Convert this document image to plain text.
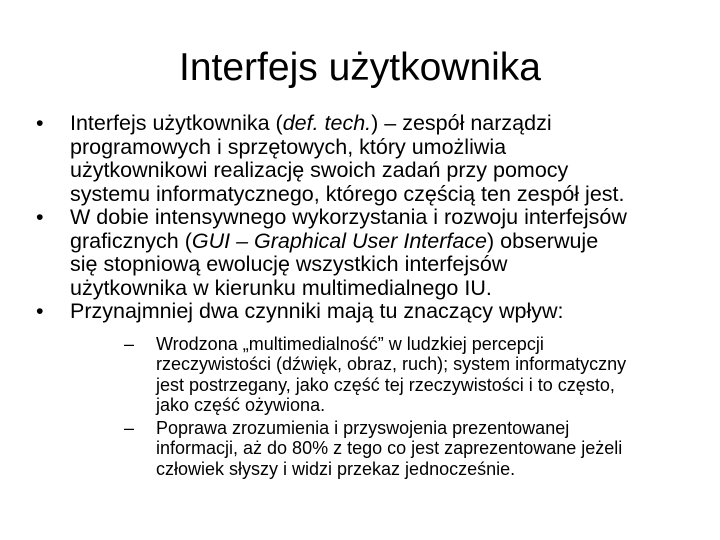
Interfejs użytkownika
• Interfejs użytkownika (def. tech.) – zespół narządzi
programowych i sprzętowych, który umożliwia
użytkownikowi realizację swoich zadań przy pomocy
systemu informatycznego, którego częścią ten zespół jest.
• W dobie intensywnego wykorzystania i rozwoju interfejsów
graficznych (GUI – Graphical User Interface) obserwuje
się stopniową ewolucję wszystkich interfejsów
użytkownika w kierunku multimedialnego IU.
• Przynajmniej dwa czynniki mają tu znaczący wpływ:
– Wrodzona „multimedialność” w ludzkiej percepcji
rzeczywistości (dźwięk, obraz, ruch); system informatyczny
jest postrzegany, jako część tej rzeczywistości i to często,
jako część ożywiona.
– Poprawa zrozumienia i przyswojenia prezentowanej
informacji, aż do 80% z tego co jest zaprezentowane jeżeli
człowiek słyszy i widzi przekaz jednocześnie.
